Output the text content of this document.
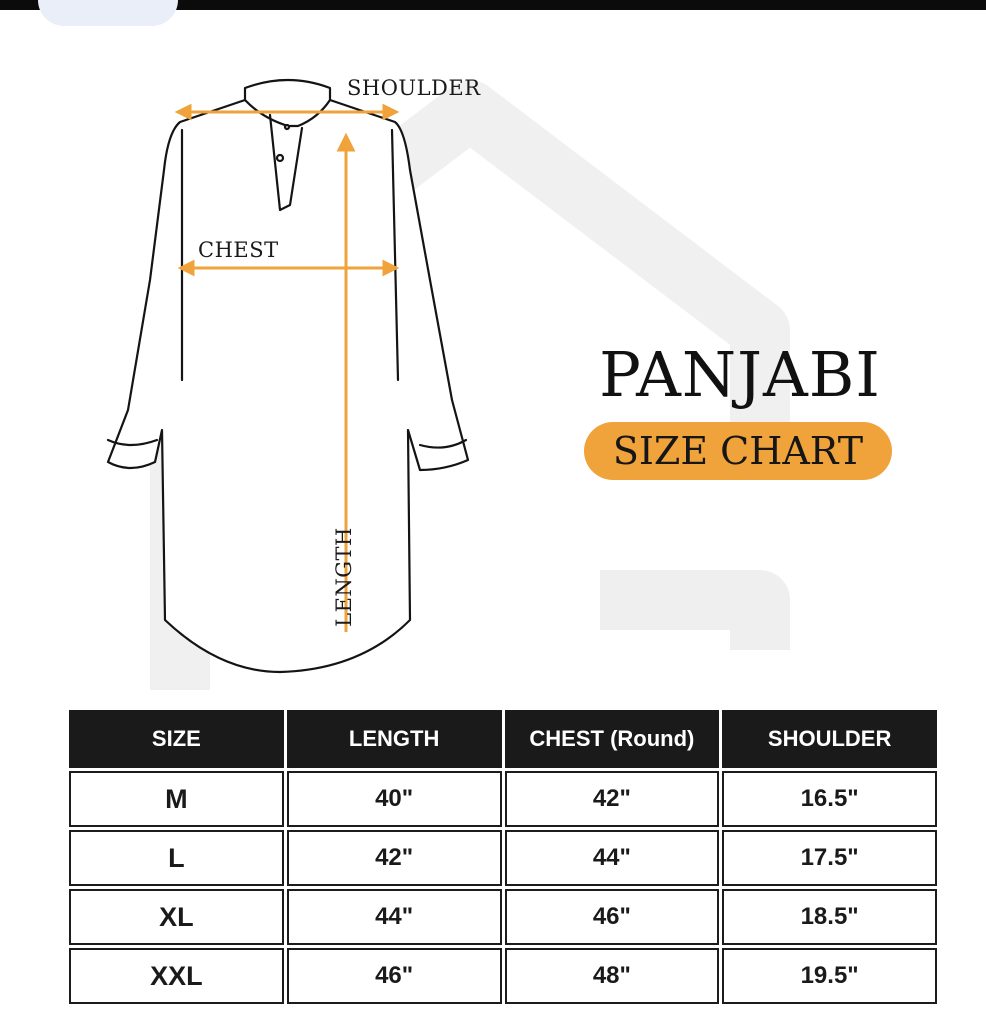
SHOULDER
CHEST
LENGTH
PANJABI
SIZE CHART
SIZE	LENGTH	CHEST (Round)	SHOULDER
M	40"	42"	16.5"
L	42"	44"	17.5"
XL	44"	46"	18.5"
XXL	46"	48"	19.5"
